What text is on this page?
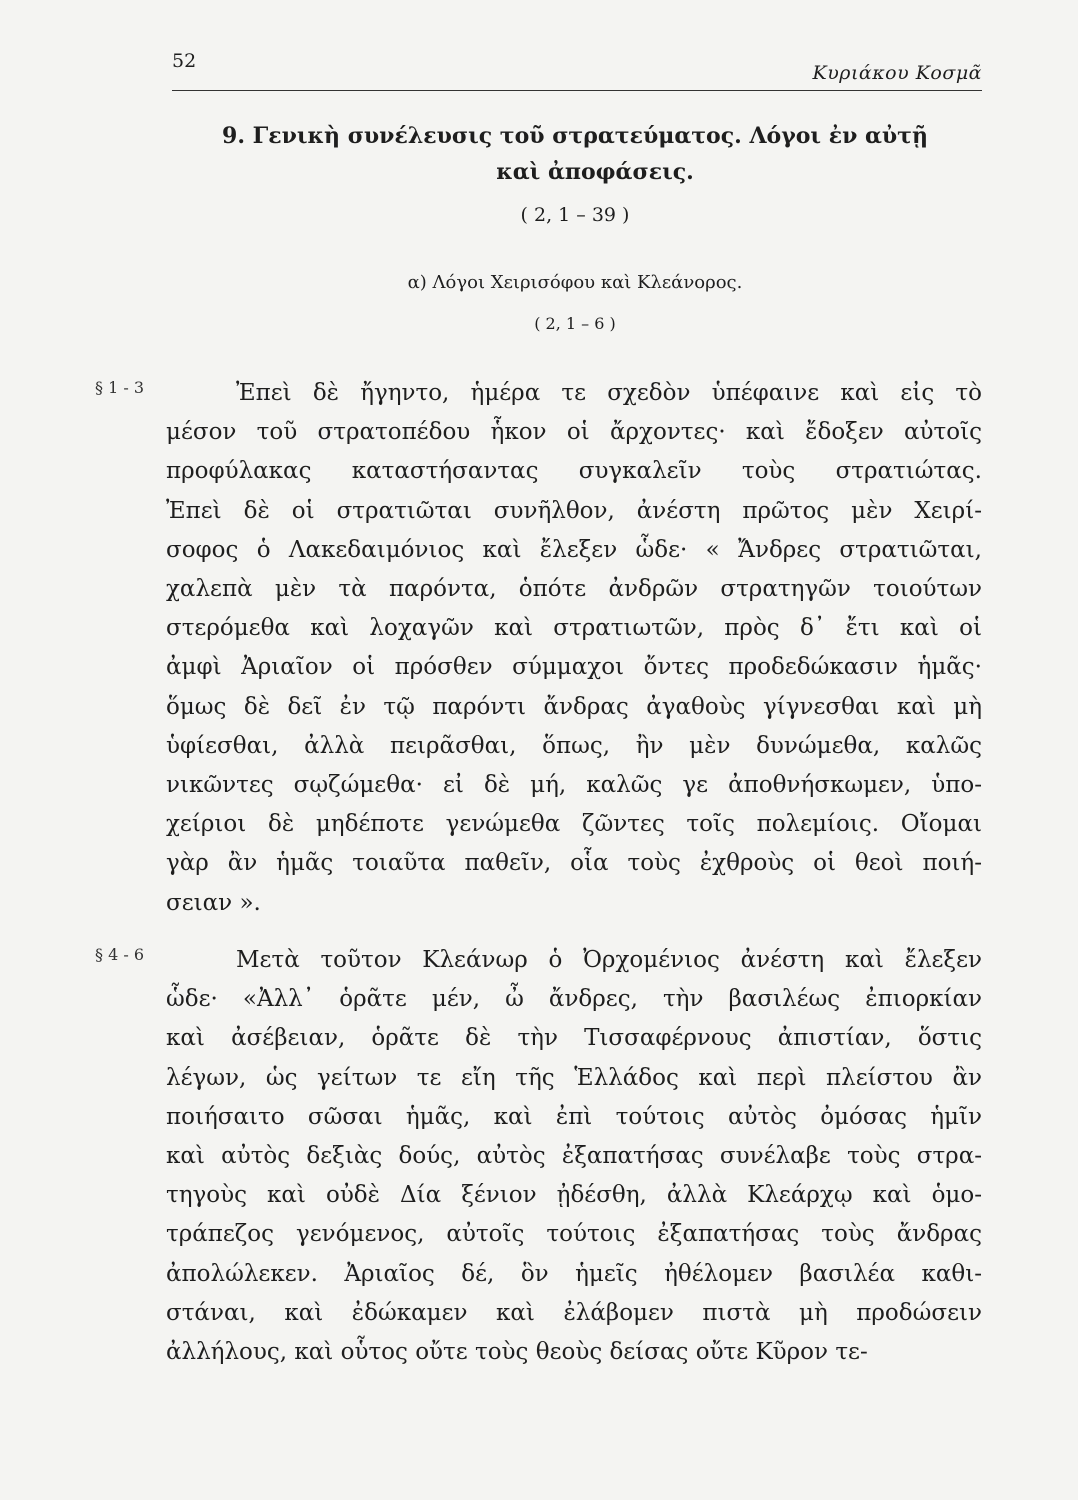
52
Κυριάκου Κοσμᾶ
9. Γενικὴ συνέλευσις τοῦ στρατεύματος. Λόγοι ἐν αὐτῇ
καὶ ἀποφάσεις.
( 2, 1 – 39 )
α) Λόγοι Χειρισόφου καὶ Κλεάνορος.
( 2, 1 – 6 )
§ 1 - 3	Ἐπεὶ δὲ ἤγηντο, ἡμέρα τε σχεδὸν ὑπέφαινε καὶ εἰς τὸ
μέσον τοῦ στρατοπέδου ἧκον οἱ ἄρχοντες· καὶ ἔδοξεν αὐτοῖς
προφύλακας καταστήσαντας συγκαλεῖν τοὺς στρατιώτας.
Ἐπεὶ δὲ οἱ στρατιῶται συνῆλθον, ἀνέστη πρῶτος μὲν Χειρί-
σοφος ὁ Λακεδαιμόνιος καὶ ἔλεξεν ὧδε· « Ἄνδρες στρατιῶται,
χαλεπὰ μὲν τὰ παρόντα, ὁπότε ἀνδρῶν στρατηγῶν τοιούτων
στερόμεθα καὶ λοχαγῶν καὶ στρατιωτῶν, πρὸς δ᾽ ἔτι καὶ οἱ
ἀμφὶ Ἀριαῖον οἱ πρόσθεν σύμμαχοι ὄντες προδεδώκασιν ἡμᾶς·
ὅμως δὲ δεῖ ἐν τῷ παρόντι ἄνδρας ἀγαθοὺς γίγνεσθαι καὶ μὴ
ὑφίεσθαι, ἀλλὰ πειρᾶσθαι, ὅπως, ἢν μὲν δυνώμεθα, καλῶς
νικῶντες σῳζώμεθα· εἰ δὲ μή, καλῶς γε ἀποθνήσκωμεν, ὑπο-
χείριοι δὲ μηδέποτε γενώμεθα ζῶντες τοῖς πολεμίοις. Οἴομαι
γὰρ ἂν ἡμᾶς τοιαῦτα παθεῖν, οἷα τοὺς ἐχθροὺς οἱ θεοὶ ποιή-
σειαν ».
§ 4 - 6	Μετὰ τοῦτον Κλεάνωρ ὁ Ὀρχομένιος ἀνέστη καὶ ἔλεξεν
ὧδε· «Ἀλλ᾽ ὁρᾶτε μέν, ὦ ἄνδρες, τὴν βασιλέως ἐπιορκίαν
καὶ ἀσέβειαν, ὁρᾶτε δὲ τὴν Τισσαφέρνους ἀπιστίαν, ὅστις
λέγων, ὡς γείτων τε εἴη τῆς Ἑλλάδος καὶ περὶ πλείστου ἂν
ποιήσαιτο σῶσαι ἡμᾶς, καὶ ἐπὶ τούτοις αὐτὸς ὀμόσας ἡμῖν
καὶ αὐτὸς δεξιὰς δούς, αὐτὸς ἐξαπατήσας συνέλαβε τοὺς στρα-
τηγοὺς καὶ οὐδὲ Δία ξένιον ᾐδέσθη, ἀλλὰ Κλεάρχῳ καὶ ὁμο-
τράπεζος γενόμενος, αὐτοῖς τούτοις ἐξαπατήσας τοὺς ἄνδρας
ἀπολώλεκεν. Ἀριαῖος δέ, ὃν ἡμεῖς ἠθέλομεν βασιλέα καθι-
στάναι, καὶ ἐδώκαμεν καὶ ἐλάβομεν πιστὰ μὴ προδώσειν
ἀλλήλους, καὶ οὗτος οὔτε τοὺς θεοὺς δείσας οὔτε Κῦρον τε-
